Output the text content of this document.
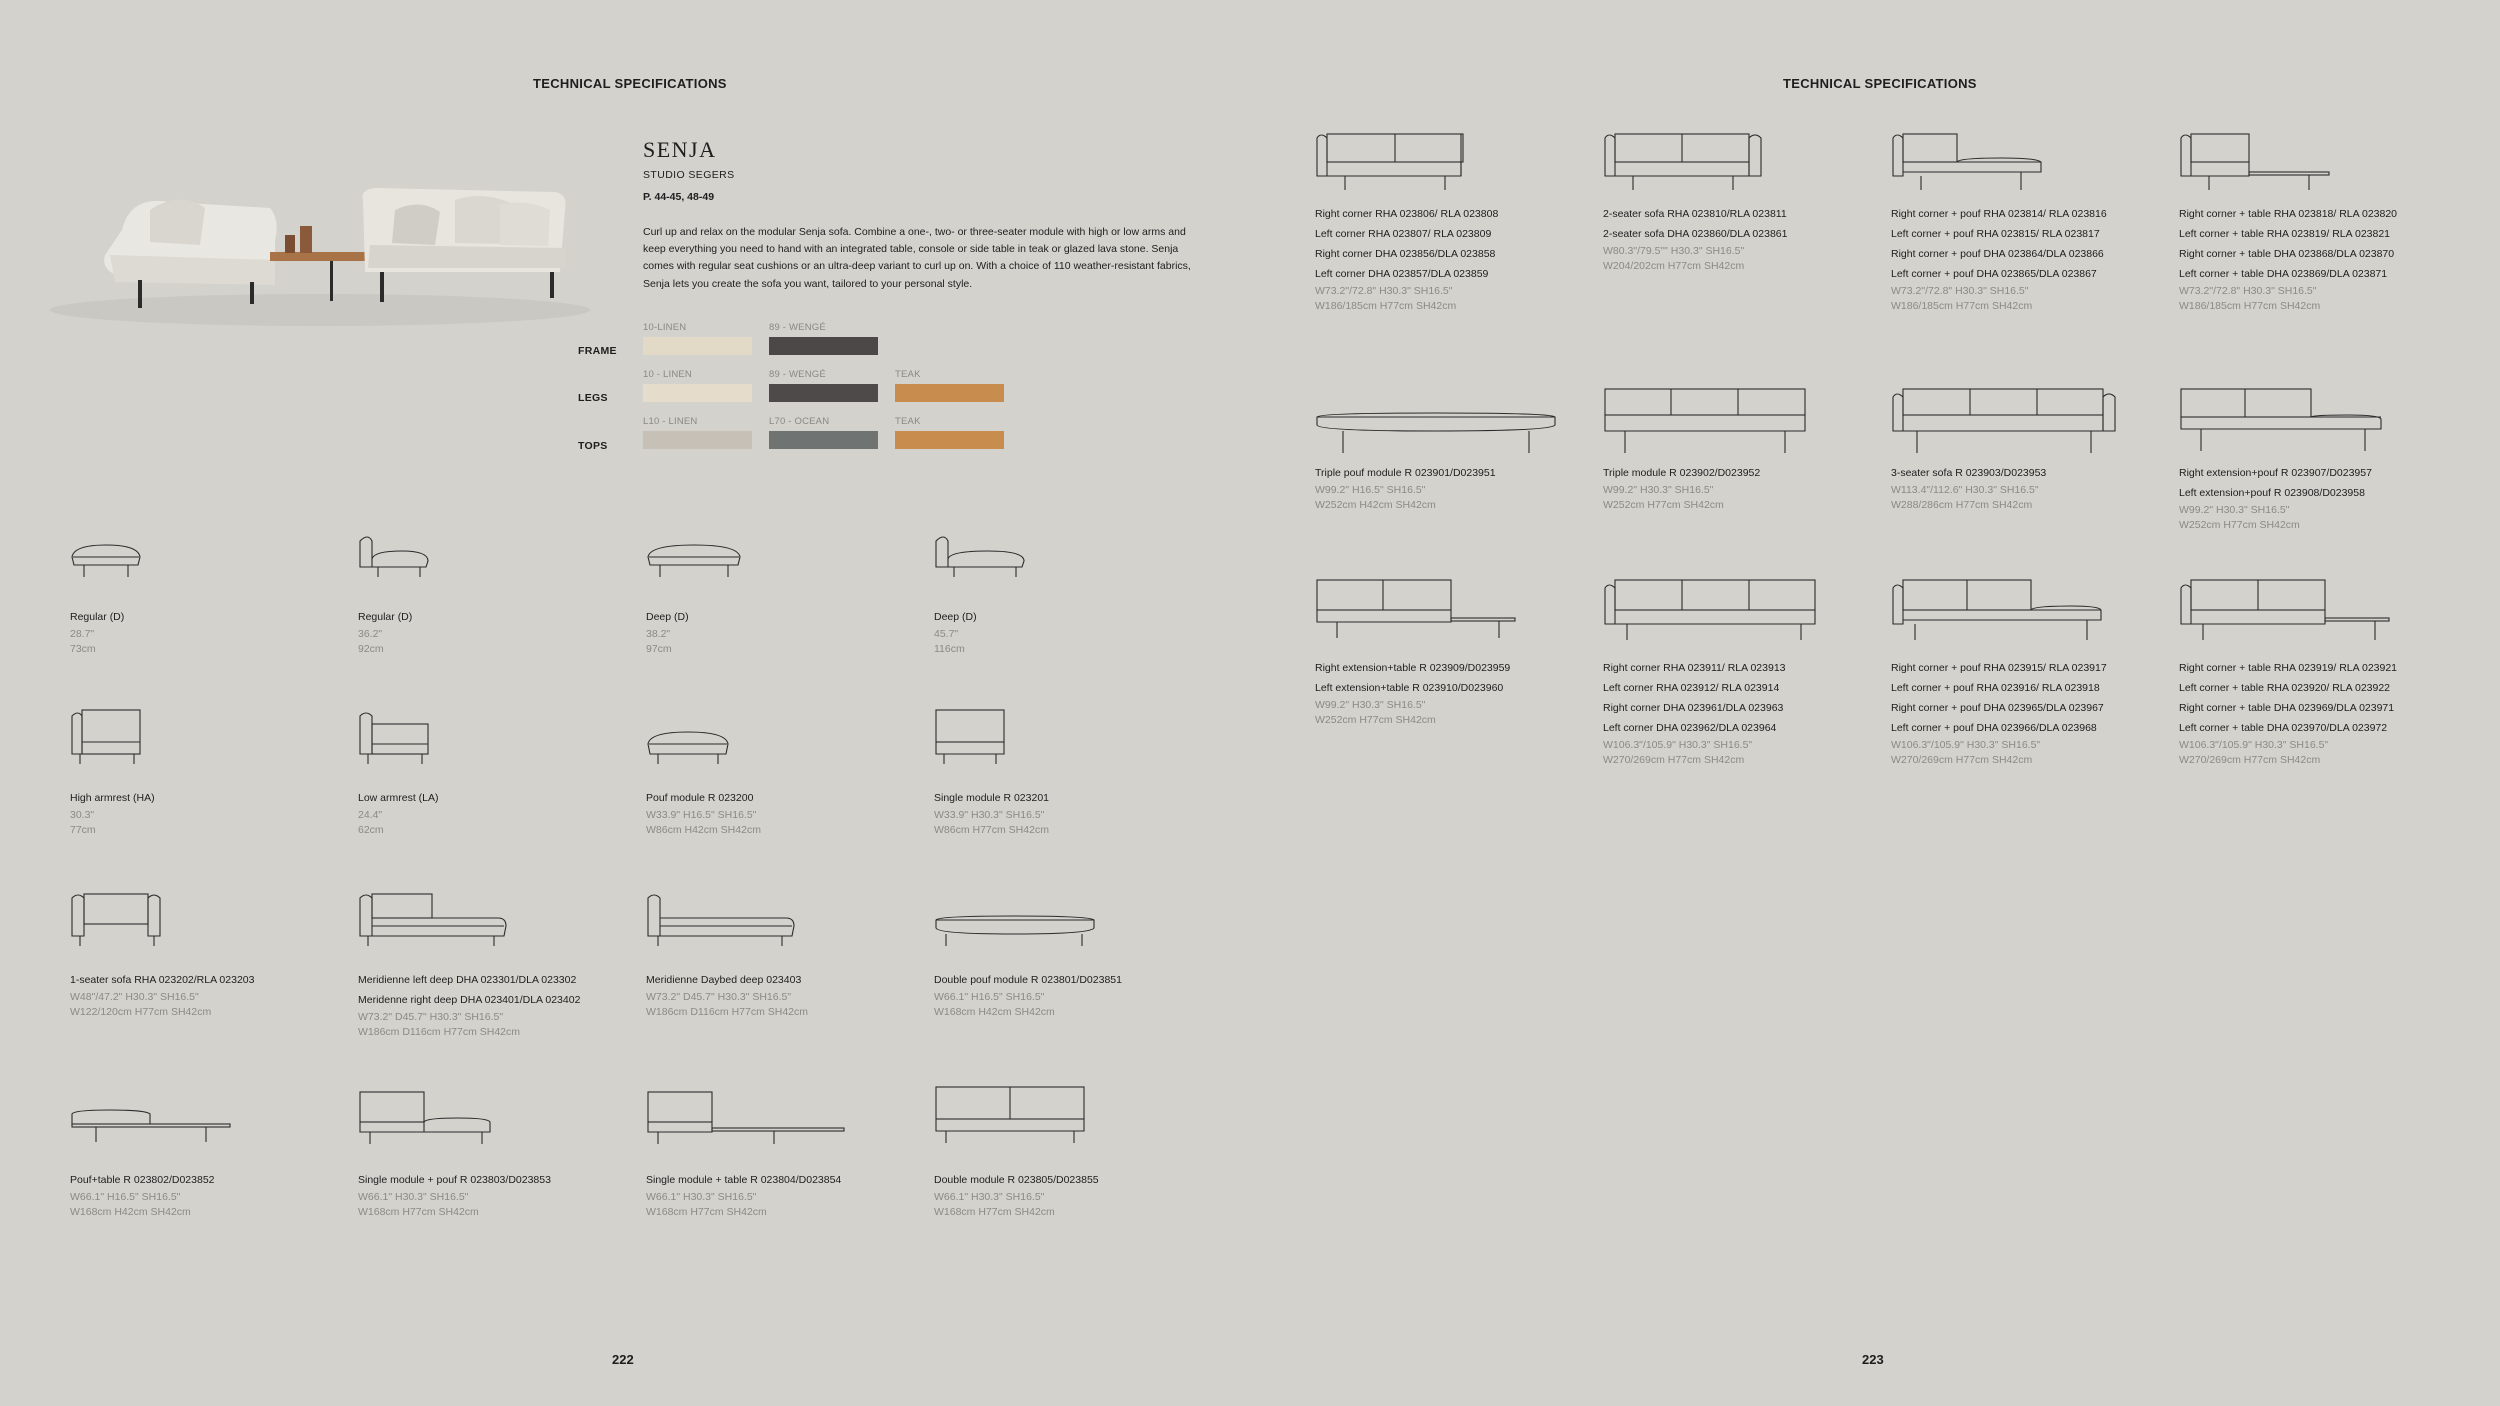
TECHNICAL SPECIFICATIONS
SENJA
STUDIO SEGERS
P. 44-45, 48-49
Curl up and relax on the modular Senja sofa. Combine a one-, two- or three-seater module with high or low arms and keep everything you need to hand with an integrated table, console or side table in teak or glazed lava stone. Senja comes with regular seat cushions or an ultra-deep variant to curl up on. With a choice of 110 weather-resistant fabrics, Senja lets you create the sofa you want, tailored to your personal style.
FRAME
LEGS
TOPS
10-LINEN	89 - WENGÉ
10 - LINEN	89 - WENGÉ	TEAK
L10 - LINEN	L70 - OCEAN	TEAK
Regular (D)
28.7"
73cm
Regular (D)
36.2"
92cm
Deep (D)
38.2"
97cm
Deep (D)
45.7"
116cm
High armrest (HA)
30.3"
77cm
Low armrest (LA)
24.4"
62cm
Pouf module R 023200
W33.9" H16.5" SH16.5"
W86cm H42cm SH42cm
Single module R 023201
W33.9" H30.3" SH16.5"
W86cm H77cm SH42cm
1-seater sofa RHA 023202/RLA 023203
W48"/47.2" H30.3" SH16.5"
W122/120cm H77cm SH42cm
Meridienne left deep DHA 023301/DLA 023302
Meridenne right deep DHA 023401/DLA 023402
W73.2" D45.7" H30.3" SH16.5"
W186cm D116cm H77cm SH42cm
Meridienne Daybed deep 023403
W73.2" D45.7" H30.3" SH16.5"
W186cm D116cm H77cm SH42cm
Double pouf module R 023801/D023851
W66.1" H16.5" SH16.5"
W168cm H42cm SH42cm
Pouf+table R 023802/D023852
W66.1" H16.5" SH16.5"
W168cm H42cm SH42cm
Single module + pouf R 023803/D023853
W66.1" H30.3" SH16.5"
W168cm H77cm SH42cm
Single module + table R 023804/D023854
W66.1" H30.3" SH16.5"
W168cm H77cm SH42cm
Double module R 023805/D023855
W66.1" H30.3" SH16.5"
W168cm H77cm SH42cm
222
TECHNICAL SPECIFICATIONS
Right corner RHA 023806/ RLA 023808
Left corner RHA 023807/ RLA 023809
Right corner DHA 023856/DLA 023858
Left corner DHA 023857/DLA 023859
W73.2"/72.8" H30.3" SH16.5"
W186/185cm H77cm SH42cm
2-seater sofa RHA 023810/RLA 023811
2-seater sofa DHA 023860/DLA 023861
W80.3"/79.5"" H30.3" SH16.5"
W204/202cm H77cm SH42cm
Right corner + pouf RHA 023814/ RLA 023816
Left corner + pouf RHA 023815/ RLA 023817
Right corner + pouf DHA 023864/DLA 023866
Left corner + pouf DHA 023865/DLA 023867
W73.2"/72.8" H30.3" SH16.5"
W186/185cm H77cm SH42cm
Right corner + table RHA 023818/ RLA 023820
Left corner + table RHA 023819/ RLA 023821
Right corner + table DHA 023868/DLA 023870
Left corner + table DHA 023869/DLA 023871
W73.2"/72.8" H30.3" SH16.5"
W186/185cm H77cm SH42cm
Triple pouf module R 023901/D023951
W99.2" H16.5" SH16.5"
W252cm H42cm SH42cm
Triple module R 023902/D023952
W99.2" H30.3" SH16.5"
W252cm H77cm SH42cm
3-seater sofa R 023903/D023953
W113.4"/112.6" H30.3" SH16.5"
W288/286cm H77cm SH42cm
Right extension+pouf R 023907/D023957
Left extension+pouf R 023908/D023958
W99.2" H30.3" SH16.5"
W252cm H77cm SH42cm
Right extension+table R 023909/D023959
Left extension+table R 023910/D023960
W99.2" H30.3" SH16.5"
W252cm H77cm SH42cm
Right corner RHA 023911/ RLA 023913
Left corner RHA 023912/ RLA 023914
Right corner DHA 023961/DLA 023963
Left corner DHA 023962/DLA 023964
W106.3"/105.9" H30.3" SH16.5"
W270/269cm H77cm SH42cm
Right corner + pouf RHA 023915/ RLA 023917
Left corner + pouf RHA 023916/ RLA 023918
Right corner + pouf DHA 023965/DLA 023967
Left corner + pouf DHA 023966/DLA 023968
W106.3"/105.9" H30.3" SH16.5"
W270/269cm H77cm SH42cm
Right corner + table RHA 023919/ RLA 023921
Left corner + table RHA 023920/ RLA 023922
Right corner + table DHA 023969/DLA 023971
Left corner + table DHA 023970/DLA 023972
W106.3"/105.9" H30.3" SH16.5"
W270/269cm H77cm SH42cm
223
